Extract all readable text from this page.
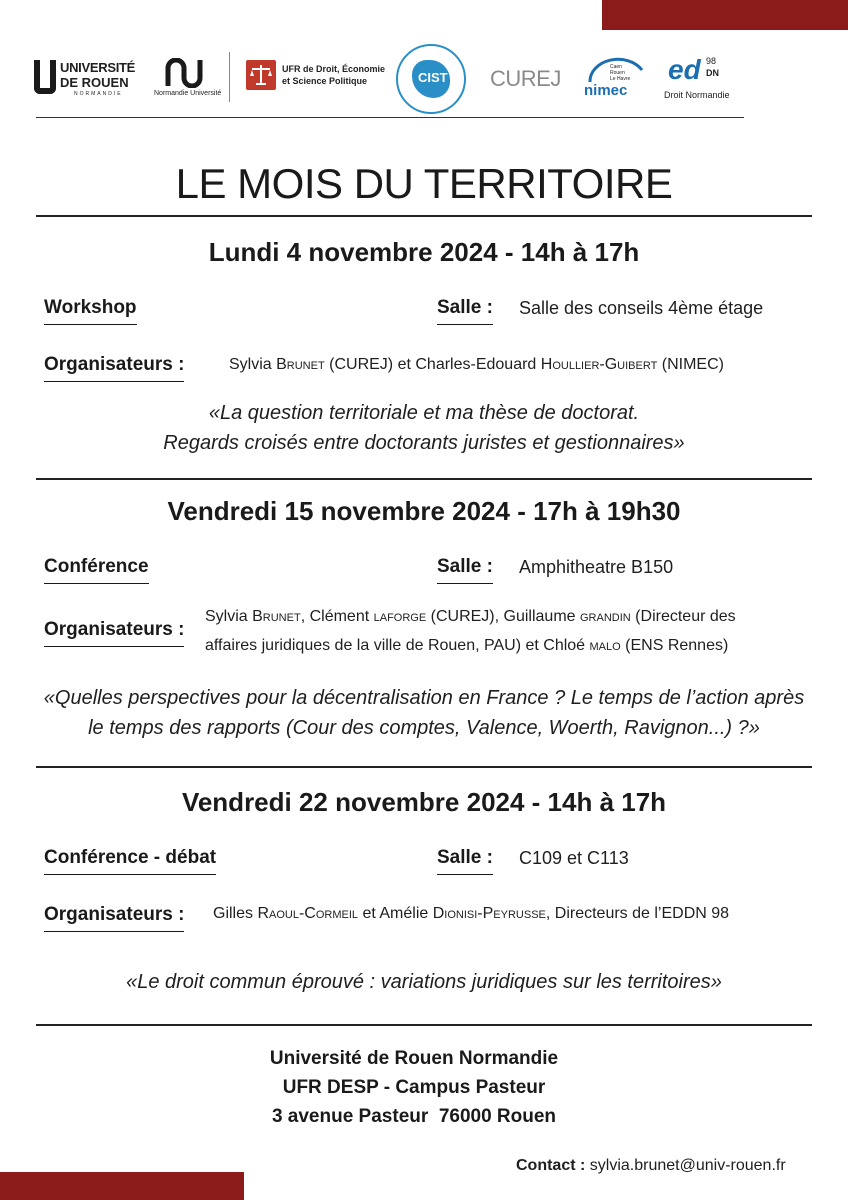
UNIVERSITÉ
DE ROUEN
NORMANDIE	Normandie Université
UFR de Droit, Économie
et Science Politique	CIST CUREJ	Caen
Rouen
Le Havre
nimec
ed 98
DN
Droit Normandie
LE MOIS DU TERRITOIRE
Lundi 4 novembre 2024 - 14h à 17h
Workshop	Salle : Salle des conseils 4ème étage
Organisateurs :	Sylvia Brunet (CUREJ) et Charles-Edouard Houllier-Guibert (NIMEC)
«La question territoriale et ma thèse de doctorat.
Regards croisés entre doctorants juristes et gestionnaires»
Vendredi 15 novembre 2024 - 17h à 19h30
Conférence	Salle : Amphitheatre B150
Organisateurs :
Sylvia Brunet, Clément laforge (CUREJ), Guillaume grandin (Directeur des
affaires juridiques de la ville de Rouen, PAU) et Chloé malo (ENS Rennes)
«Quelles perspectives pour la décentralisation en France ? Le temps de l’action après
le temps des rapports (Cour des comptes, Valence, Woerth, Ravignon...) ?»
Vendredi 22 novembre 2024 - 14h à 17h
Conférence - débat	Salle : C109 et C113
Organisateurs : Gilles Raoul-Cormeil et Amélie Dionisi-Peyrusse, Directeurs de l’EDDN 98
«Le droit commun éprouvé : variations juridiques sur les territoires»
Université de Rouen Normandie
UFR DESP - Campus Pasteur
3 avenue Pasteur  76000 Rouen
Contact : sylvia.brunet@univ-rouen.fr
